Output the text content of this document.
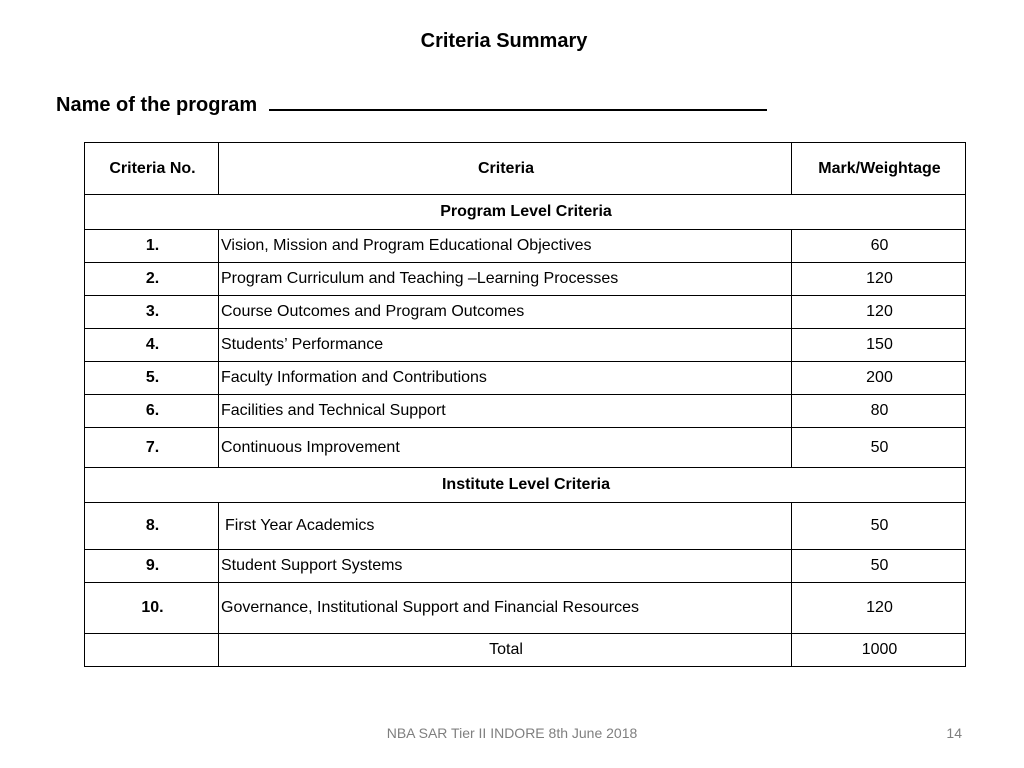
Criteria Summary
Name of the program
Criteria No.	Criteria	Mark/Weightage
Program Level Criteria		
1.	Vision, Mission and Program Educational Objectives	60
2.	Program Curriculum and Teaching –Learning Processes	120
3.	Course Outcomes and Program Outcomes	120
4.	Students’ Performance	150
5.	Faculty Information and Contributions	200
6.	Facilities and Technical Support	80
7.	Continuous Improvement	50
Institute Level Criteria		
8.	First Year Academics	50
9.	Student Support Systems	50
10.	Governance, Institutional Support and Financial Resources	120
	Total	1000
NBA SAR Tier II INDORE 8th June 2018	14
